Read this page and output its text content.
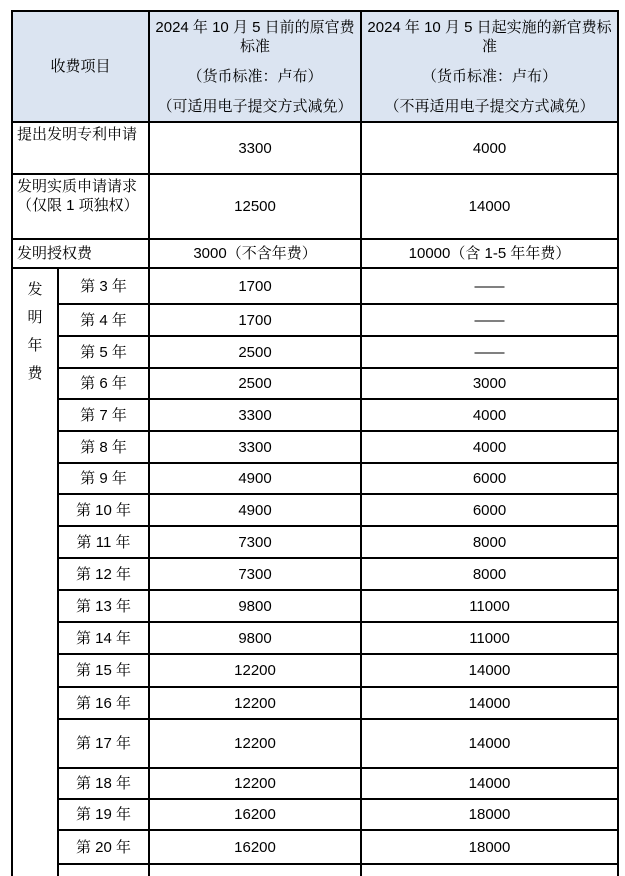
收费项目

2024 年 10 月 5 日前的原官费标准
（货币标准：卢布）
（可适用电子提交方式减免）

2024 年 10 月 5 日起实施的新官费标准
（货币标准：卢布）
（不再适用电子提交方式减免）

提出发明专利申请		3300	4000
发明实质申请请求（仅限 1 项独权）		12500	14000
发明授权费		3000（不含年费）	10000（含 1-5 年年费）

发明年费	第 3 年	1700	——
	第 4 年	1700	——
	第 5 年	2500	——
	第 6 年	2500	3000
	第 7 年	3300	4000
	第 8 年	3300	4000
	第 9 年	4900	6000
	第 10 年	4900	6000
	第 11 年	7300	8000
	第 12 年	7300	8000
	第 13 年	9800	11000
	第 14 年	9800	11000
	第 15 年	12200	14000
	第 16 年	12200	14000
	第 17 年	12200	14000
	第 18 年	12200	14000
	第 19 年	16200	18000
	第 20 年	16200	18000
